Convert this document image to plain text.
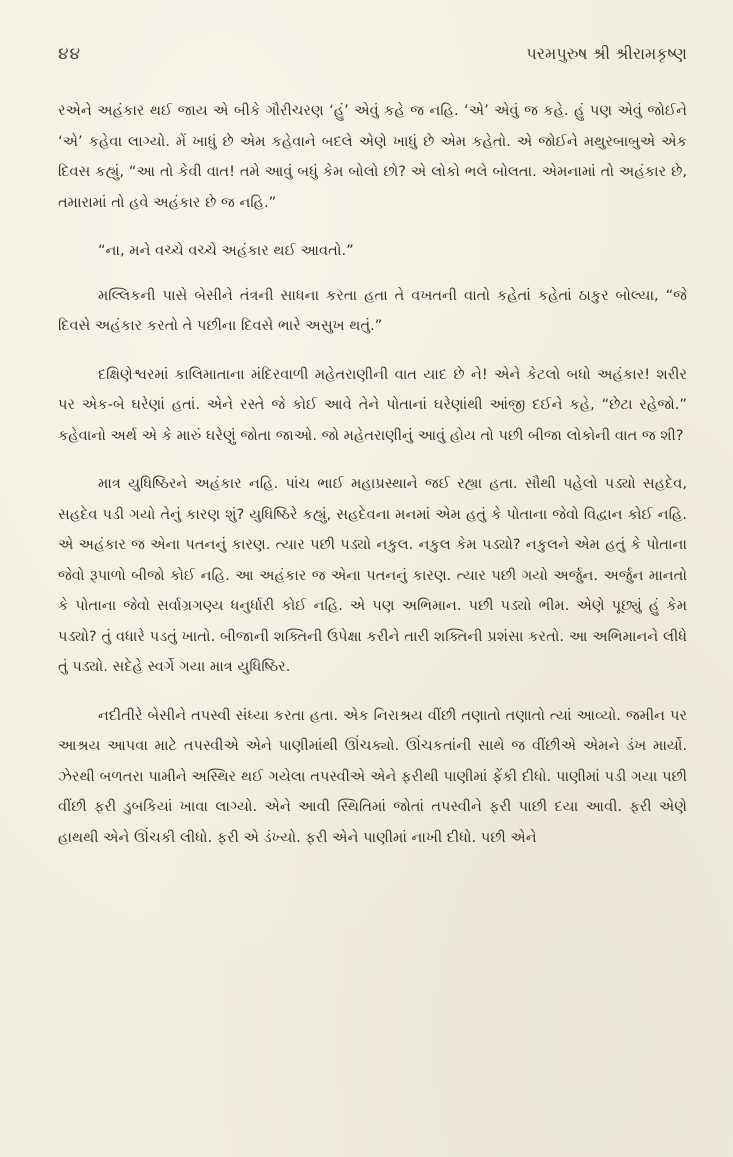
૪૪	પરમપુરુષ શ્રી શ્રીરામકૃષ્ણ

રએને અહંકાર થઈ જાય એ બીકે ગૌરીચરણ ‘હું’ એવું કહે જ નહિ. ‘એ’ એવું જ કહે. હું પણ એવું જોઈને ‘એ’ કહેવા લાગ્યો. મેં ખાધું છે એમ કહેવાને બદલે એણે ખાધું છે એમ કહેતો. એ જોઈને મથુરબાબુએ એક દિવસ કહ્યું, “આ તો કેવી વાત! તમે આવું બધું કેમ બોલો છો? એ લોકો ભલે બોલતા. એમનામાં તો અહંકાર છે, તમારામાં તો હવે અહંકાર છે જ નહિ.”

“ના, મને વચ્ચે વચ્ચે અહંકાર થઈ આવતો.”

મલ્લિકની પાસે બેસીને તંત્રની સાધના કરતા હતા તે વખતની વાતો કહેતાં કહેતાં ઠાકુર બોલ્યા, “જે દિવસે અહંકાર કરતો તે પછીના દિવસે ભારે અસુખ થતું.”

દક્ષિણેશ્વરમાં કાલિમાતાના મંદિરવાળી મહેતરાણીની વાત યાદ છે ને! એને કેટલો બધો અહંકાર! શરીર પર એક-બે ઘરેણાં હતાં. એને રસ્તે જે કોઈ આવે તેને પોતાનાં ઘરેણાંથી આંજી દઈને કહે, “છેટા રહેજો.” કહેવાનો અર્થ એ કે મારું ઘરેણું જોતા જાઓ. જો મહેતરાણીનું આવું હોય તો પછી બીજા લોકોની વાત જ શી?

માત્ર યુધિષ્ઠિરને અહંકાર નહિ. પાંચ ભાઈ મહાપ્રસ્થાને જઈ રહ્યા હતા. સૌથી પહેલો પડ્યો સહદેવ, સહદેવ પડી ગયો તેનું કારણ શું? યુધિષ્ઠિરે કહ્યું, સહદેવના મનમાં એમ હતું કે પોતાના જેવો વિદ્વાન કોઈ નહિ. એ અહંકાર જ એના પતનનું કારણ. ત્યાર પછી પડ્યો નકુલ. નકુલ કેમ પડ્યો? નકુલને એમ હતું કે પોતાના જેવો રૂપાળો બીજો કોઈ નહિ. આ અહંકાર જ એના પતનનું કારણ. ત્યાર પછી ગયો અર્જુન. અર્જુન માનતો કે પોતાના જેવો સર્વાગ્રગણ્ય ધનુર્ધારી કોઈ નહિ. એ પણ અભિમાન. પછી પડ્યો ભીમ. એણે પૂછ્યું હું કેમ પડ્યો? તું વધારે પડતું ખાતો. બીજાની શક્તિની ઉપેક્ષા કરીને તારી શક્તિની પ્રશંસા કરતો. આ અભિમાનને લીધે તું પડ્યો. સદેહે સ્વર્ગે ગયા માત્ર યુધિષ્ઠિર.

નદીતીરે બેસીને તપસ્વી સંધ્યા કરતા હતા. એક નિરાશ્રય વીંછી તણાતો તણાતો ત્યાં આવ્યો. જમીન પર આશ્રય આપવા માટે તપસ્વીએ એને પાણીમાંથી ઊંચક્યો. ઊંચકતાંની સાથે જ વીંછીએ એમને ડંખ માર્યો. ઝેરથી બળતરા પામીને અસ્થિર થઈ ગયેલા તપસ્વીએ એને ફરીથી પાણીમાં ફેંકી દીધો. પાણીમાં પડી ગયા પછી વીંછી ફરી ડુબકિયાં ખાવા લાગ્યો. એને આવી સ્થિતિમાં જોતાં તપસ્વીને ફરી પાછી દયા આવી. ફરી એણે હાથથી એને ઊંચકી લીધો. ફરી એ ડંખ્યો. ફરી એને પાણીમાં નાખી દીધો. પછી એને
